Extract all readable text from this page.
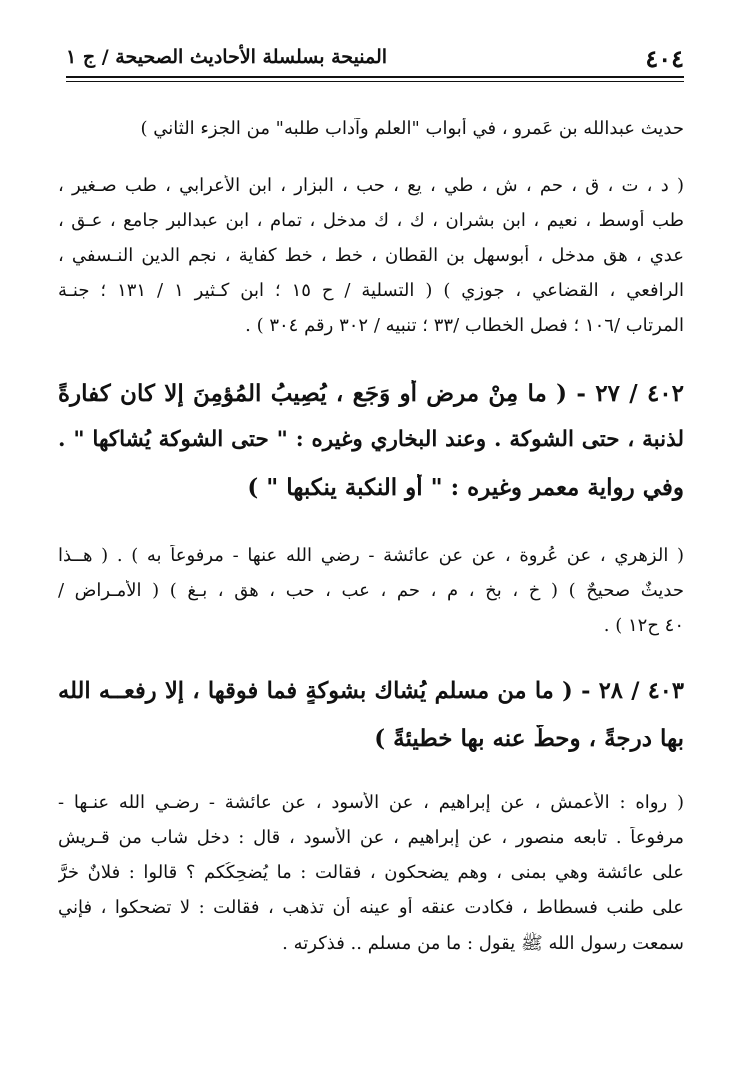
٤٠٤
المنيحة بسلسلة الأحاديث الصحيحة / ج ١
حديث عبدالله بن عَمرو ، في أبواب "العلم وآداب طلبه" من الجزء الثاني )
( د ، ت ، ق ، حم ، ش ، طي ، يع ، حب ، البزار ، ابن الأعرابي ، طب صـغير ،
طب أوسط ، نعيم ، ابن بشران ، ك ، ك مدخل ، تمام ، ابن عبدالبر جامع ، عـق ،
عدي ، هق مدخل ، أبوسهل بن القطان ، خط ، خط كفاية ، نجم الدين النـسفي ،
الرافعي ، القضاعي ، جوزي ) ( التسلية / ح ١٥ ؛ ابن كـثير ١ / ١٣١ ؛ جنـة
المرتاب /١٠٦ ؛ فصل الخطاب /٣٣ ؛ تنبيه / ٣٠٢ رقم ٣٠٤ ) .
٤٠٢ / ٢٧ - ( ما مِنْ مرضٍ أو وَجَعٍ ، يُصِيبُ المُؤمِنَ إلا كان كفارةً
لذنبة ، حتى الشوكة . وعند البخاري وغيره : " حتى الشوكة يُشاكها " .
وفي رواية معمر وغيره : " أو النكبة ينكبها " )
( الزهري ، عن عُروة ، عن عن عائشة - رضي الله عنها - مرفوعاً به ) . ( هــذا
حديثٌ صحيحٌ ) ( خ ، بخ ، م ، حم ، عب ، حب ، هق ، بـغ ) ( الأمـراض /
٤٠ ح١٢ ) .
٤٠٣ / ٢٨ - ( ما من مسلم يُشاك بشوكةٍ فما فوقها ، إلا رفعــه الله
بها درجةً ، وحطَّ عنه بها خطيئةً )
( رواه : الأعمش ، عن إبراهيم ، عن الأسود ، عن عائشة - رضـي الله عنـها -
مرفوعاً . تابعه منصور ، عن إبراهيم ، عن الأسود ، قال : دخل شاب من قـريش
على عائشة وهي بمنى ، وهم يضحكون ، فقالت : ما يُضحِكُكم ؟ قالوا : فلانٌ خرَّ
على طنب فسطاط ، فكادت عنقه أو عينه أن تذهب ، فقالت : لا تضحكوا ، فإني
سمعت رسول الله ﷺ يقول : ما من مسلم .. فذكرته .
